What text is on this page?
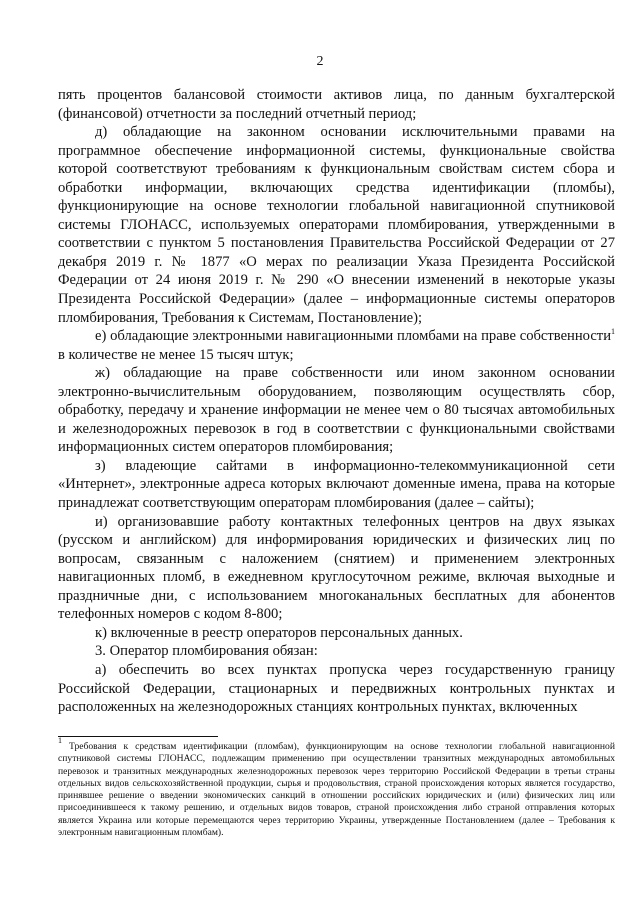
2

пять процентов балансовой стоимости активов лица, по данным бухгалтерской (финансовой) отчетности за последний отчетный период;

д) обладающие на законном основании исключительными правами на программное обеспечение информационной системы, функциональные свойства которой соответствуют требованиям к функциональным свойствам систем сбора и обработки информации, включающих средства идентификации (пломбы), функционирующие на основе технологии глобальной навигационной спутниковой системы ГЛОНАСС, используемых операторами пломбирования, утвержденными в соответствии с пунктом 5 постановления Правительства Российской Федерации от 27 декабря 2019 г. № 1877 «О мерах по реализации Указа Президента Российской Федерации от 24 июня 2019 г. № 290 «О внесении изменений в некоторые указы Президента Российской Федерации» (далее – информационные системы операторов пломбирования, Требования к Системам, Постановление);

е) обладающие электронными навигационными пломбами на праве собственности$^1$ в количестве не менее 15 тысяч штук;

ж) обладающие на праве собственности или ином законном основании электронно-вычислительным оборудованием, позволяющим осуществлять сбор, обработку, передачу и хранение информации не менее чем о 80 тысячах автомобильных и железнодорожных перевозок в год в соответствии с функциональными свойствами информационных систем операторов пломбирования;

з) владеющие сайтами в информационно-телекоммуникационной сети «Интернет», электронные адреса которых включают доменные имена, права на которые принадлежат соответствующим операторам пломбирования (далее – сайты);

и) организовавшие работу контактных телефонных центров на двух языках (русском и английском) для информирования юридических и физических лиц по вопросам, связанным с наложением (снятием) и применением электронных навигационных пломб, в ежедневном круглосуточном режиме, включая выходные и праздничные дни, с использованием многоканальных бесплатных для абонентов телефонных номеров с кодом 8-800;

к) включенные в реестр операторов персональных данных.

3. Оператор пломбирования обязан:

а) обеспечить во всех пунктах пропуска через государственную границу Российской Федерации, стационарных и передвижных контрольных пунктах и расположенных на железнодорожных станциях контрольных пунктах, включенных

$^1$ Требования к средствам идентификации (пломбам), функционирующим на основе технологии глобальной навигационной спутниковой системы ГЛОНАСС, подлежащим применению при осуществлении транзитных международных автомобильных перевозок и транзитных международных железнодорожных перевозок через территорию Российской Федерации в третьи страны отдельных видов сельскохозяйственной продукции, сырья и продовольствия, страной происхождения которых является государство, принявшее решение о введении экономических санкций в отношении российских юридических и (или) физических лиц или присоединившееся к такому решению, и отдельных видов товаров, страной происхождения либо страной отправления которых является Украина или которые перемещаются через территорию Украины, утвержденные Постановлением (далее – Требования к электронным навигационным пломбам).
